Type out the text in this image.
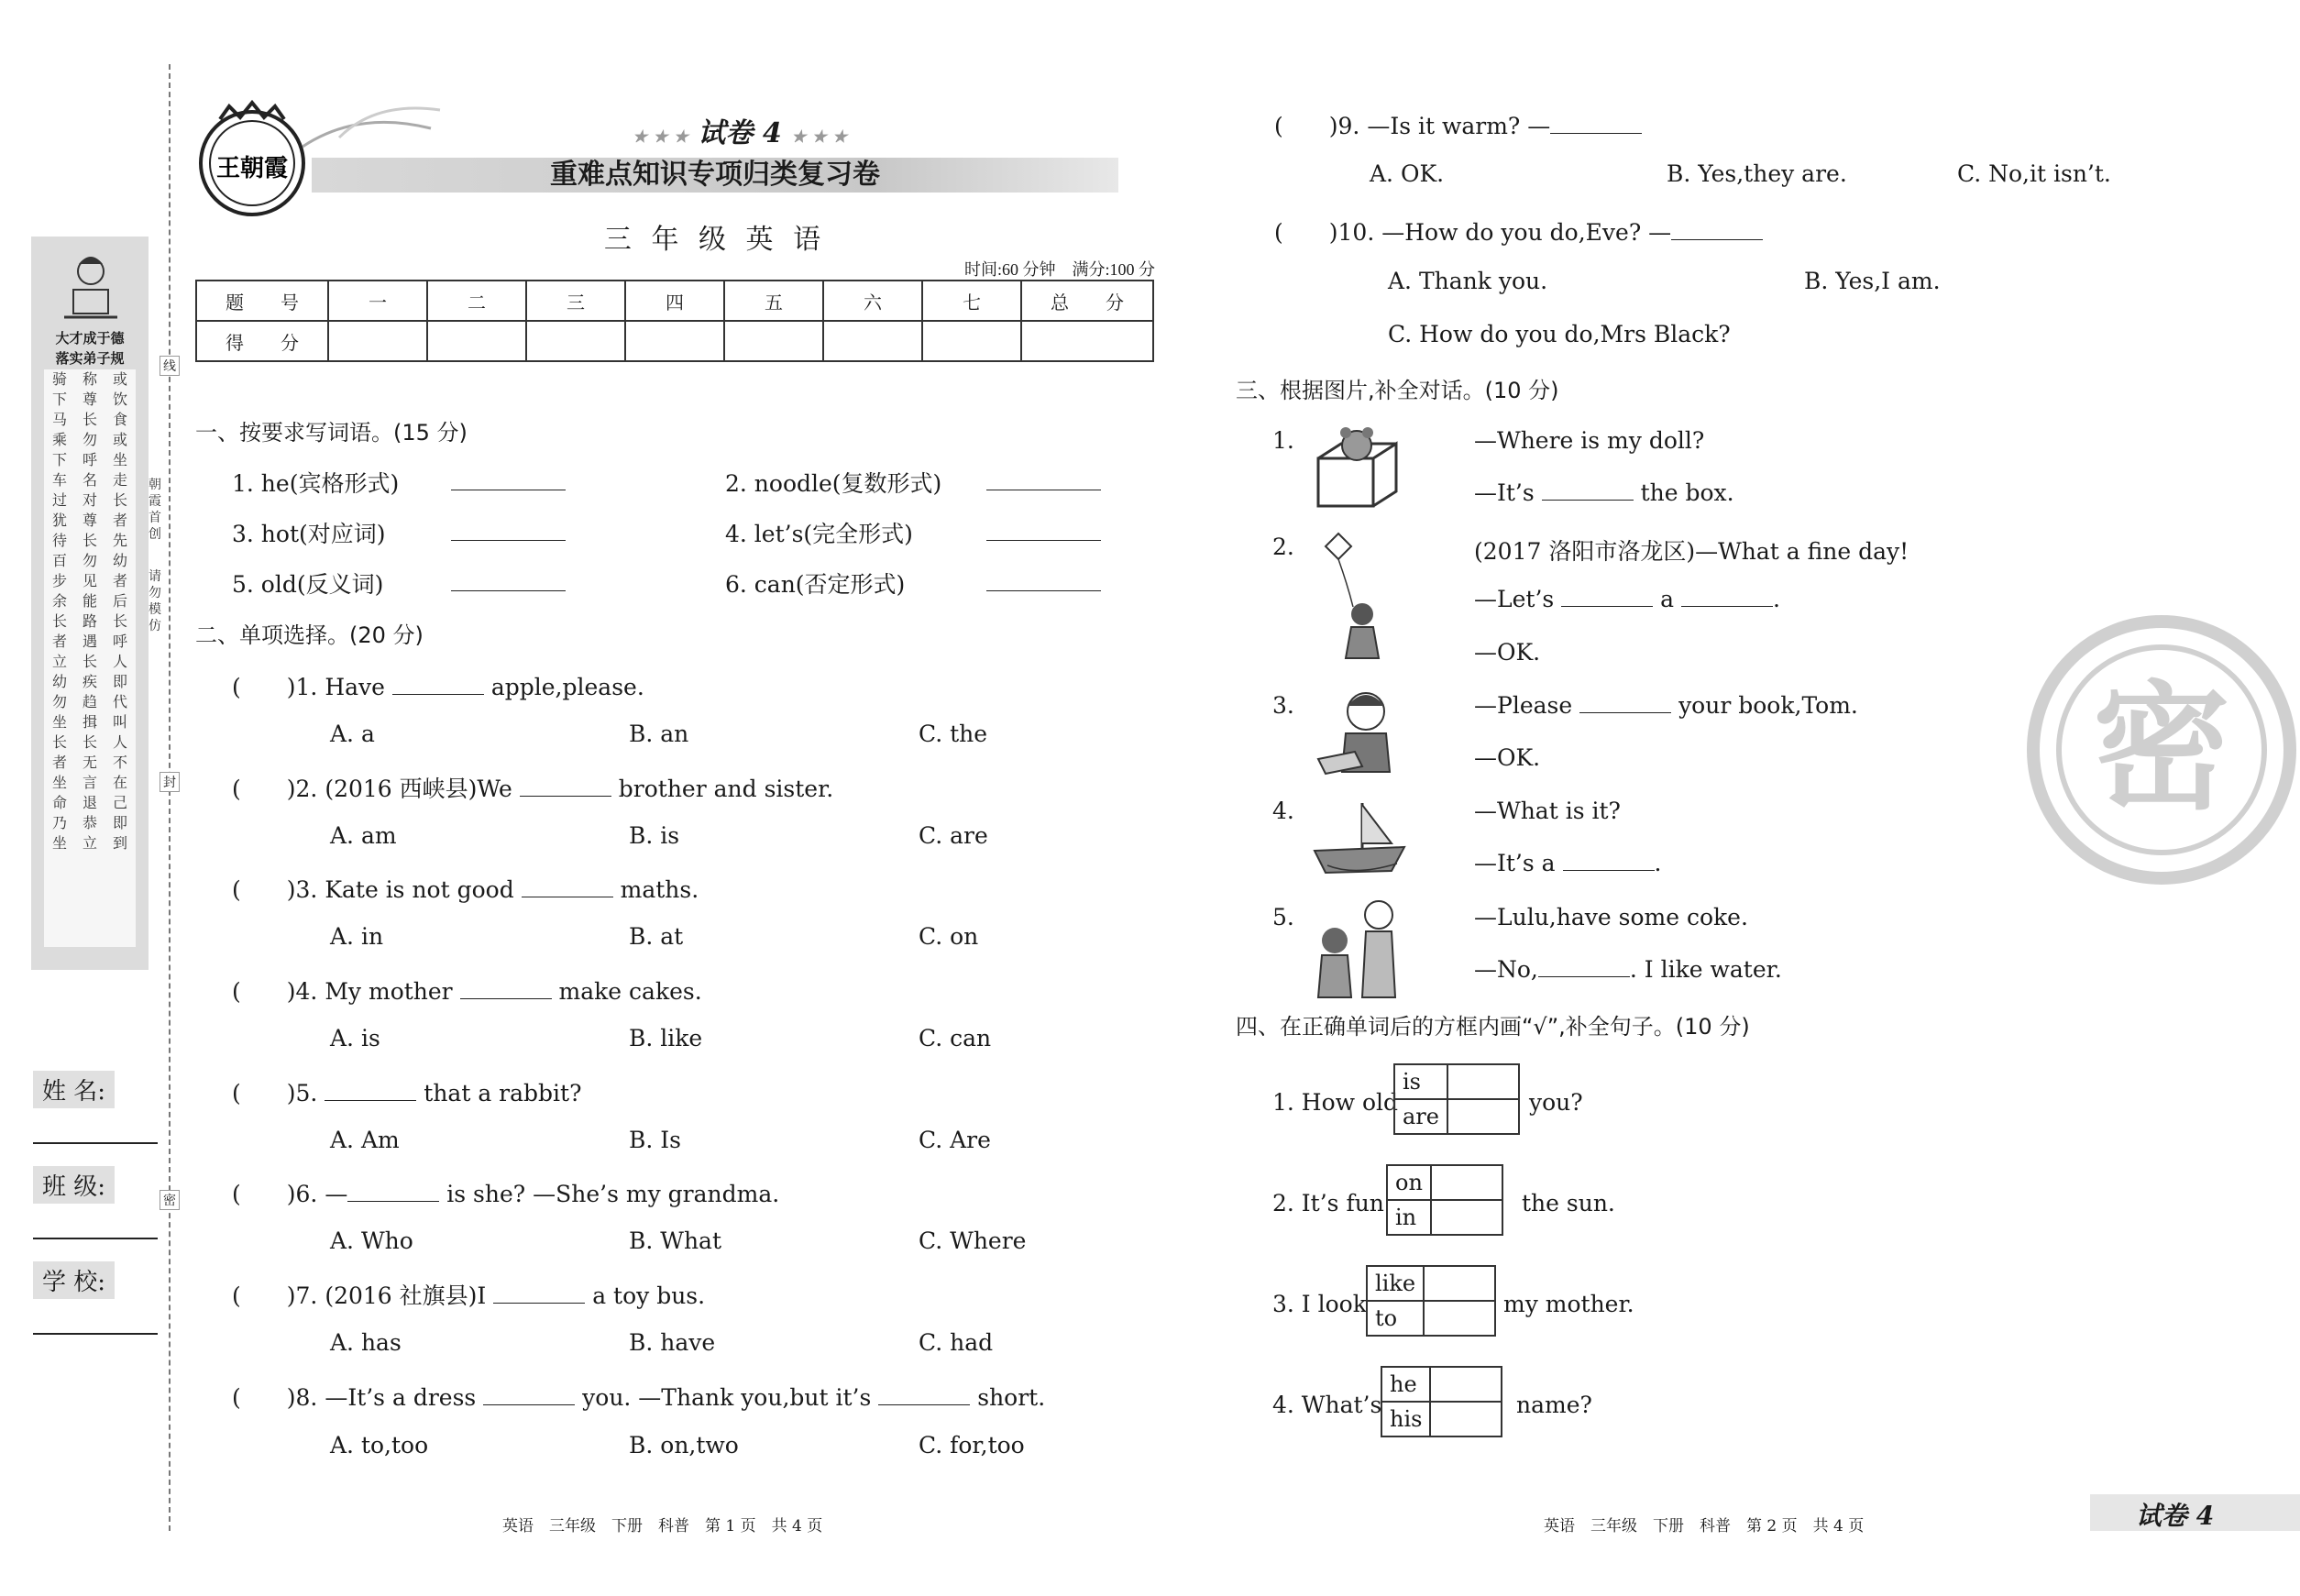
大才成于德
落实弟子规
骑下马乘下车过犹待百步余长者立幼勿坐长者坐命乃坐
称尊长勿呼名对尊长勿见能路遇长疾趋揖长无言退恭立
或饮食或坐走长者先幼者后长呼人即代叫人不在己即到
朝霞首创
请勿模仿
线
封
密
姓 名:
班 级:
学 校:
王朝霞
★ ★ ★ 试卷 4 ★ ★ ★
重难点知识专项归类复习卷
三 年 级 英 语
时间:60 分钟　满分:100 分
题　　号	一	二	三	四	五	六	七	总　　分
得　　分								
一、按要求写词语。(15 分)
1. he(宾格形式)	2. noodle(复数形式)
3. hot(对应词)	4. let’s(完全形式)
5. old(反义词)	6. can(否定形式)
二、单项选择。(20 分)
(　　)1. Have	apple,please.
A. a	B. an	C. the
(　　)2. (2016 西峡县)We	brother and sister.
A. am	B. is	C. are
(　　)3. Kate is not good	maths.
A. in	B. at	C. on
(　　)4. My mother	make cakes.
A. is	B. like	C. can
(　　)5.	that a rabbit?
A. Am	B. Is	C. Are
(　　)6. —	is she? —She’s my grandma.
A. Who	B. What	C. Where
(　　)7. (2016 社旗县)I	a toy bus.
A. has	B. have	C. had
(　　)8. —It’s a dress	you. —Thank you,but it’s	short.
A. to,too	B. on,two	C. for,too
英语　三年级　下册　科普　第 1 页　共 4 页
(　　)9. —Is it warm? —
A. OK.	B. Yes,they are.	C. No,it isn’t.
(　　)10. —How do you do,Eve? —
A. Thank you.	B. Yes,I am.
C. How do you do,Mrs Black?
三、根据图片,补全对话。(10 分)
1.	—Where is my doll?
—It’s	the box.
2.	(2017 洛阳市洛龙区)—What a fine day!
—Let’s	a	.
—OK.
3.	—Please	your book,Tom.
—OK.
4.	—What is it?
—It’s a	.
5.	—Lulu,have some coke.
—No,	. I like water.
四、在正确单词后的方框内画“√”,补全句子。(10 分)
1. How old
is	
are	
you?
2. It’s fun
on	
in	
the sun.
3. I look
like	
to	
my mother.
4. What’s
he	
his	
name?
密
英语　三年级　下册　科普　第 2 页　共 4 页	试卷 4
